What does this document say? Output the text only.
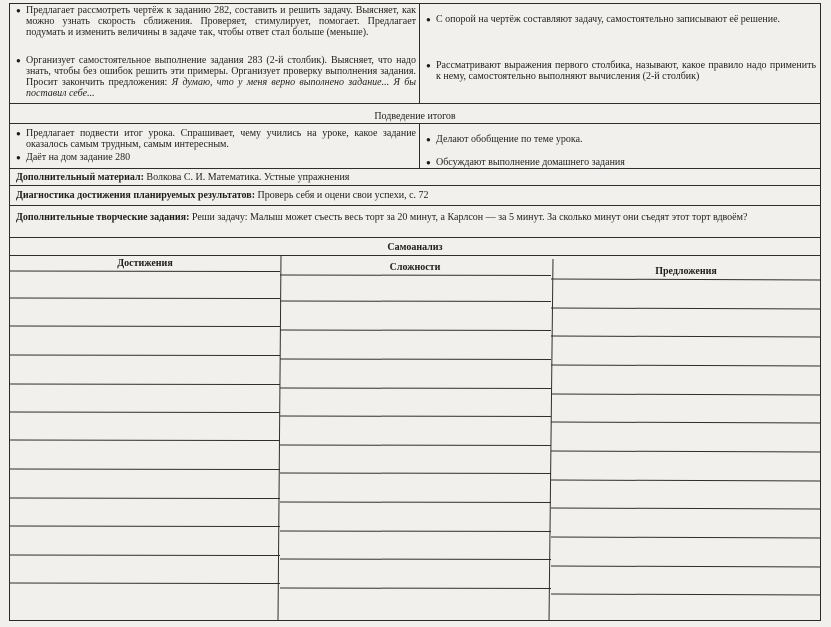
● Предлагает рассмотреть чертёж к заданию 282, составить и решить задачу. Выясняет, как можно узнать скорость сближения. Проверяет, стимулирует, помогает. Предлагает подумать и изменить величины в задаче так, чтобы ответ стал больше (меньше).
● Организует самостоятельное выполнение задания 283 (2-й столбик). Выясняет, что надо знать, чтобы без ошибок решить эти примеры. Организует проверку выполнения задания. Просит закончить предложения: Я думаю, что у меня верно выполнено задание... Я бы поставил себе...
● С опорой на чертёж составляют задачу, самостоятельно записывают её решение.
● Рассматривают выражения первого столбика, называют, какое правило надо применить к нему, самостоятельно выполняют вычисления (2-й столбик)
Подведение итогов
● Предлагает подвести итог урока. Спрашивает, чему учились на уроке, какое задание оказалось самым трудным, самым интересным.
● Даёт на дом задание 280
● Делают обобщение по теме урока.
● Обсуждают выполнение домашнего задания
Дополнительный материал: Волкова С. И. Математика. Устные упражнения
Диагностика достижения планируемых результатов: Проверь себя и оцени свои успехи, с. 72
Дополнительные творческие задания: Реши задачу: Малыш может съесть весь торт за 20 минут, а Карлсон — за 5 минут. За сколько минут они съедят этот торт вдвоём?
Самоанализ
Достижения	Сложности	Предложения
